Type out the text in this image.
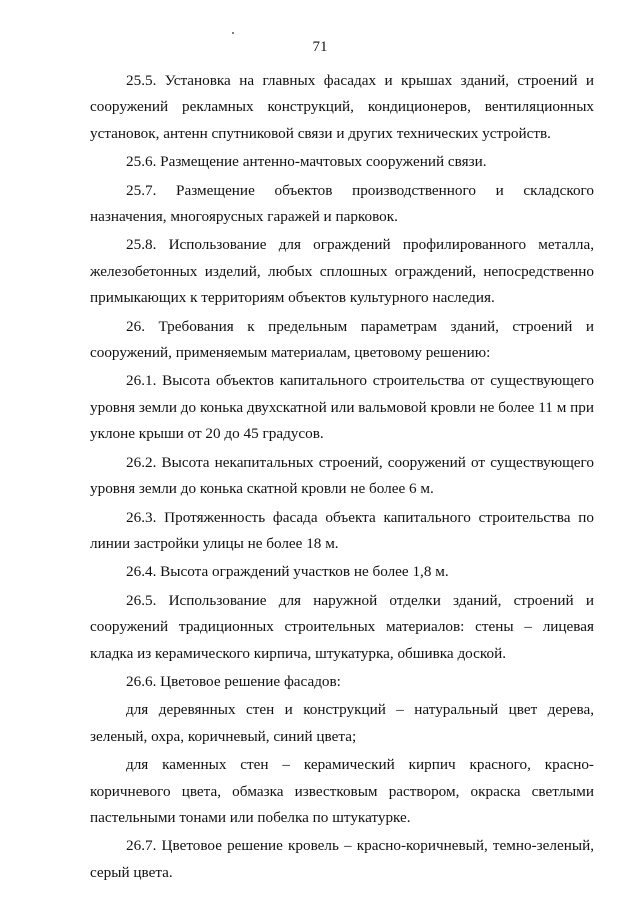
71

25.5. Установка на главных фасадах и крышах зданий, строений и сооружений рекламных конструкций, кондиционеров, вентиляционных установок, антенн спутниковой связи и других технических устройств.

25.6. Размещение антенно-мачтовых сооружений связи.

25.7. Размещение объектов производственного и складского назначения, многоярусных гаражей и парковок.

25.8. Использование для ограждений профилированного металла, железобетонных изделий, любых сплошных ограждений, непосредственно примыкающих к территориям объектов культурного наследия.

26. Требования к предельным параметрам зданий, строений и сооружений, применяемым материалам, цветовому решению:

26.1. Высота объектов капитального строительства от существующего уровня земли до конька двухскатной или вальмовой кровли не более 11 м при уклоне крыши от 20 до 45 градусов.

26.2. Высота некапитальных строений, сооружений от существующего уровня земли до конька скатной кровли не более 6 м.

26.3. Протяженность фасада объекта капитального строительства по линии застройки улицы не более 18 м.

26.4. Высота ограждений участков не более 1,8 м.

26.5. Использование для наружной отделки зданий, строений и сооружений традиционных строительных материалов: стены – лицевая кладка из керамического кирпича, штукатурка, обшивка доской.

26.6. Цветовое решение фасадов:

для деревянных стен и конструкций – натуральный цвет дерева, зеленый, охра, коричневый, синий цвета;

для каменных стен – керамический кирпич красного, красно-коричневого цвета, обмазка известковым раствором, окраска светлыми пастельными тонами или побелка по штукатурке.

26.7. Цветовое решение кровель – красно-коричневый, темно-зеленый, серый цвета.
